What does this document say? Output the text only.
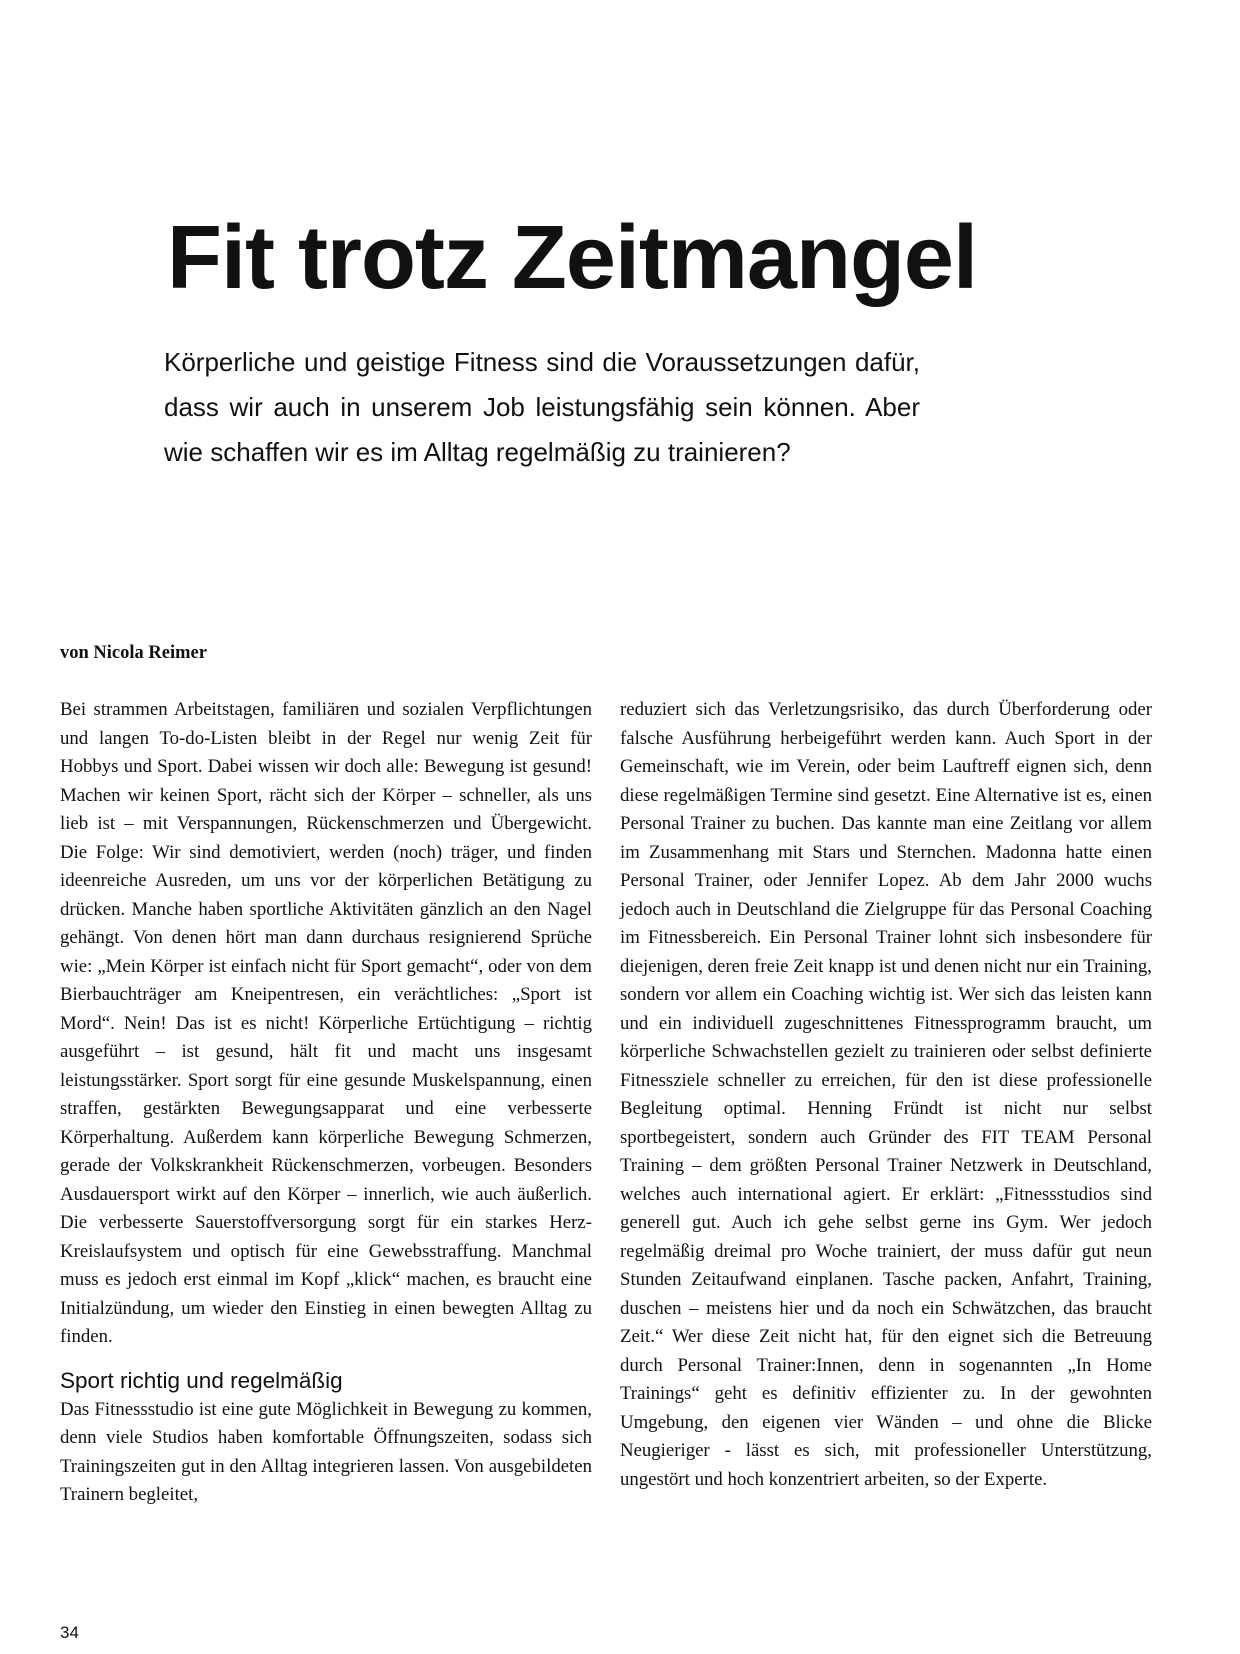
Fit trotz Zeitmangel

Körperliche und geistige Fitness sind die Voraussetzungen dafür, dass wir auch in unserem Job leistungsfähig sein können. Aber wie schaffen wir es im Alltag regelmäßig zu trainieren?

von Nicola Reimer

Bei strammen Arbeitstagen, familiären und sozialen Verpflichtungen und langen To-do-Listen bleibt in der Regel nur wenig Zeit für Hobbys und Sport. Dabei wissen wir doch alle: Bewegung ist gesund! Machen wir keinen Sport, rächt sich der Körper – schneller, als uns lieb ist – mit Verspannungen, Rückenschmerzen und Übergewicht. Die Folge: Wir sind demotiviert, werden (noch) träger, und finden ideenreiche Ausreden, um uns vor der körperlichen Betätigung zu drücken. Manche haben sportliche Aktivitäten gänzlich an den Nagel gehängt. Von denen hört man dann durchaus resignierend Sprüche wie: „Mein Körper ist einfach nicht für Sport gemacht“, oder von dem Bierbauchträger am Kneipentresen, ein verächtliches: „Sport ist Mord“. Nein! Das ist es nicht! Körperliche Ertüchtigung – richtig ausgeführt – ist gesund, hält fit und macht uns insgesamt leistungsstärker. Sport sorgt für eine gesunde Muskelspannung, einen straffen, gestärkten Bewegungsapparat und eine verbesserte Körperhaltung. Außerdem kann körperliche Bewegung Schmerzen, gerade der Volkskrankheit Rückenschmerzen, vorbeugen. Besonders Ausdauersport wirkt auf den Körper – innerlich, wie auch äußerlich. Die verbesserte Sauerstoffversorgung sorgt für ein starkes Herz-Kreislaufsystem und optisch für eine Gewebsstraffung. Manchmal muss es jedoch erst einmal im Kopf „klick“ machen, es braucht eine Initialzündung, um wieder den Einstieg in einen bewegten Alltag zu finden.

Sport richtig und regelmäßig

Das Fitnessstudio ist eine gute Möglichkeit in Bewegung zu kommen, denn viele Studios haben komfortable Öffnungszeiten, sodass sich Trainingszeiten gut in den Alltag integrieren lassen. Von ausgebildeten Trainern begleitet,

reduziert sich das Verletzungsrisiko, das durch Überforderung oder falsche Ausführung herbeigeführt werden kann. Auch Sport in der Gemeinschaft, wie im Verein, oder beim Lauftreff eignen sich, denn diese regelmäßigen Termine sind gesetzt. Eine Alternative ist es, einen Personal Trainer zu buchen. Das kannte man eine Zeitlang vor allem im Zusammenhang mit Stars und Sternchen. Madonna hatte einen Personal Trainer, oder Jennifer Lopez. Ab dem Jahr 2000 wuchs jedoch auch in Deutschland die Zielgruppe für das Personal Coaching im Fitnessbereich. Ein Personal Trainer lohnt sich insbesondere für diejenigen, deren freie Zeit knapp ist und denen nicht nur ein Training, sondern vor allem ein Coaching wichtig ist. Wer sich das leisten kann und ein individuell zugeschnittenes Fitnessprogramm braucht, um körperliche Schwachstellen gezielt zu trainieren oder selbst definierte Fitnessziele schneller zu erreichen, für den ist diese professionelle Begleitung optimal. Henning Fründt ist nicht nur selbst sportbegeistert, sondern auch Gründer des FIT TEAM Personal Training – dem größten Personal Trainer Netzwerk in Deutschland, welches auch international agiert. Er erklärt: „Fitnessstudios sind generell gut. Auch ich gehe selbst gerne ins Gym. Wer jedoch regelmäßig dreimal pro Woche trainiert, der muss dafür gut neun Stunden Zeitaufwand einplanen. Tasche packen, Anfahrt, Training, duschen – meistens hier und da noch ein Schwätzchen, das braucht Zeit.“ Wer diese Zeit nicht hat, für den eignet sich die Betreuung durch Personal Trainer:Innen, denn in sogenannten „In Home Trainings“ geht es definitiv effizienter zu. In der gewohnten Umgebung, den eigenen vier Wänden – und ohne die Blicke Neugieriger - lässt es sich, mit professioneller Unterstützung, ungestört und hoch konzentriert arbeiten, so der Experte.

34
